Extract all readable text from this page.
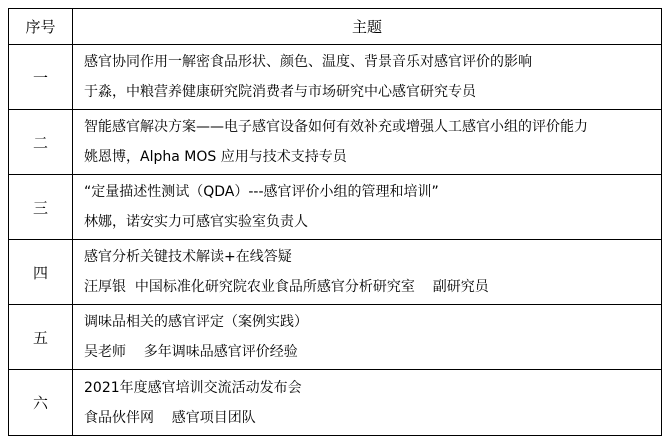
序号	主题
一	感官协同作用一解密食品形状、颜色、温度、背景音乐对感官评价的影响
于淼，中粮营养健康研究院消费者与市场研究中心感官研究专员

二	智能感官解决方案——电子感官设备如何有效补充或增强人工感官小组的评价能力
姚恩博，Alpha MOS 应用与技术支持专员

三	“定量描述性测试（QDA）---感官评价小组的管理和培训”
林娜，诺安实力可感官实验室负责人

四	感官分析关键技术解读+在线答疑
汪厚银  中国标准化研究院农业食品所感官分析研究室    副研究员

五	调味品相关的感官评定（案例实践）
吴老师    多年调味品感官评价经验

六	2021年度感官培训交流活动发布会
食品伙伴网    感官项目团队
